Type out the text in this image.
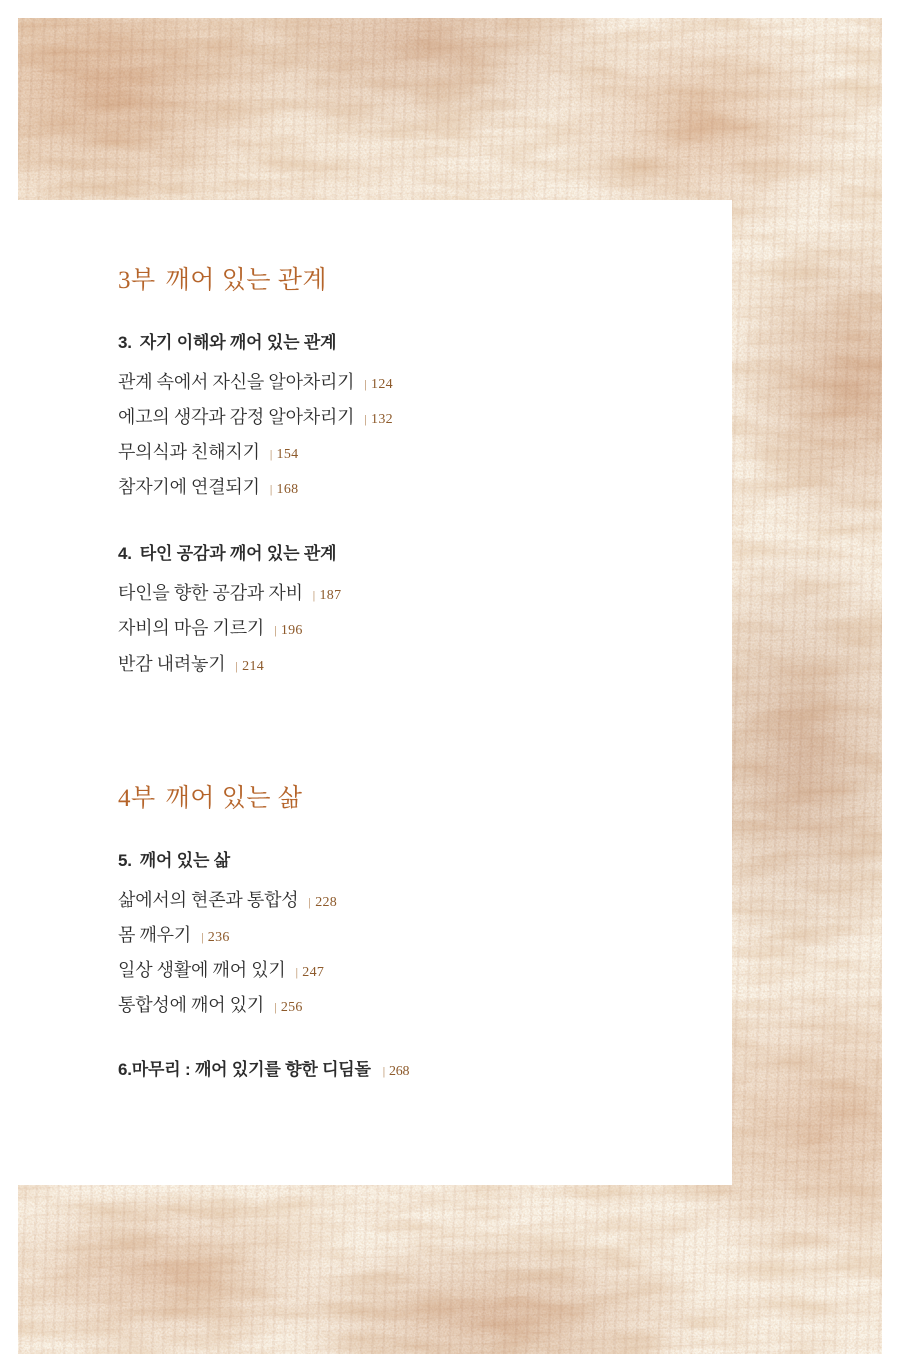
3부 깨어 있는 관계
3. 자기 이해와 깨어 있는 관계
관계 속에서 자신을 알아차리기 | 124
에고의 생각과 감정 알아차리기 | 132
무의식과 친해지기 | 154
참자기에 연결되기 | 168
4. 타인 공감과 깨어 있는 관계
타인을 향한 공감과 자비 | 187
자비의 마음 기르기 | 196
반감 내려놓기 | 214
4부 깨어 있는 삶
5. 깨어 있는 삶
삶에서의 현존과 통합성 | 228
몸 깨우기 | 236
일상 생활에 깨어 있기 | 247
통합성에 깨어 있기 | 256
6.마무리 : 깨어 있기를 향한 디딤돌 | 268
